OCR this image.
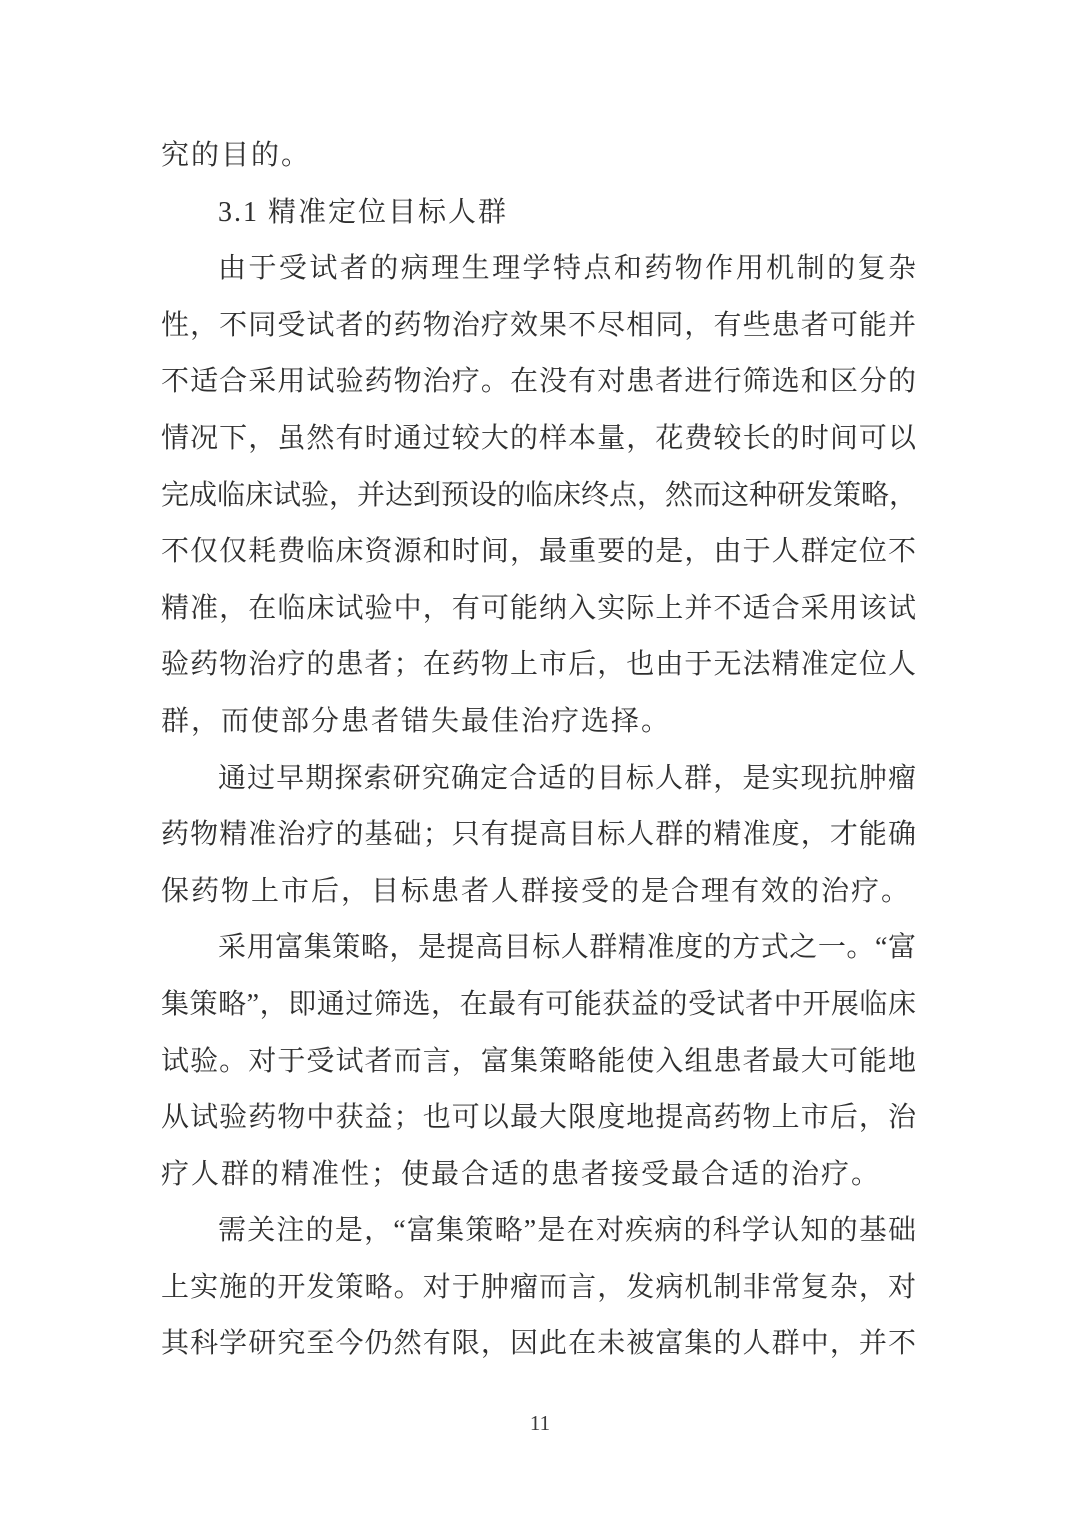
究的目的。
3.1 精准定位目标人群
由于受试者的病理生理学特点和药物作用机制的复杂
性，不同受试者的药物治疗效果不尽相同，有些患者可能并
不适合采用试验药物治疗。在没有对患者进行筛选和区分的
情况下，虽然有时通过较大的样本量，花费较长的时间可以
完成临床试验，并达到预设的临床终点，然而这种研发策略，
不仅仅耗费临床资源和时间，最重要的是，由于人群定位不
精准，在临床试验中，有可能纳入实际上并不适合采用该试
验药物治疗的患者；在药物上市后，也由于无法精准定位人
群，而使部分患者错失最佳治疗选择。
通过早期探索研究确定合适的目标人群，是实现抗肿瘤
药物精准治疗的基础；只有提高目标人群的精准度，才能确
保药物上市后，目标患者人群接受的是合理有效的治疗。
采用富集策略，是提高目标人群精准度的方式之一。“富
集策略”，即通过筛选，在最有可能获益的受试者中开展临床
试验。对于受试者而言，富集策略能使入组患者最大可能地
从试验药物中获益；也可以最大限度地提高药物上市后，治
疗人群的精准性；使最合适的患者接受最合适的治疗。
需关注的是，“富集策略”是在对疾病的科学认知的基础
上实施的开发策略。对于肿瘤而言，发病机制非常复杂，对
其科学研究至今仍然有限，因此在未被富集的人群中，并不
11
